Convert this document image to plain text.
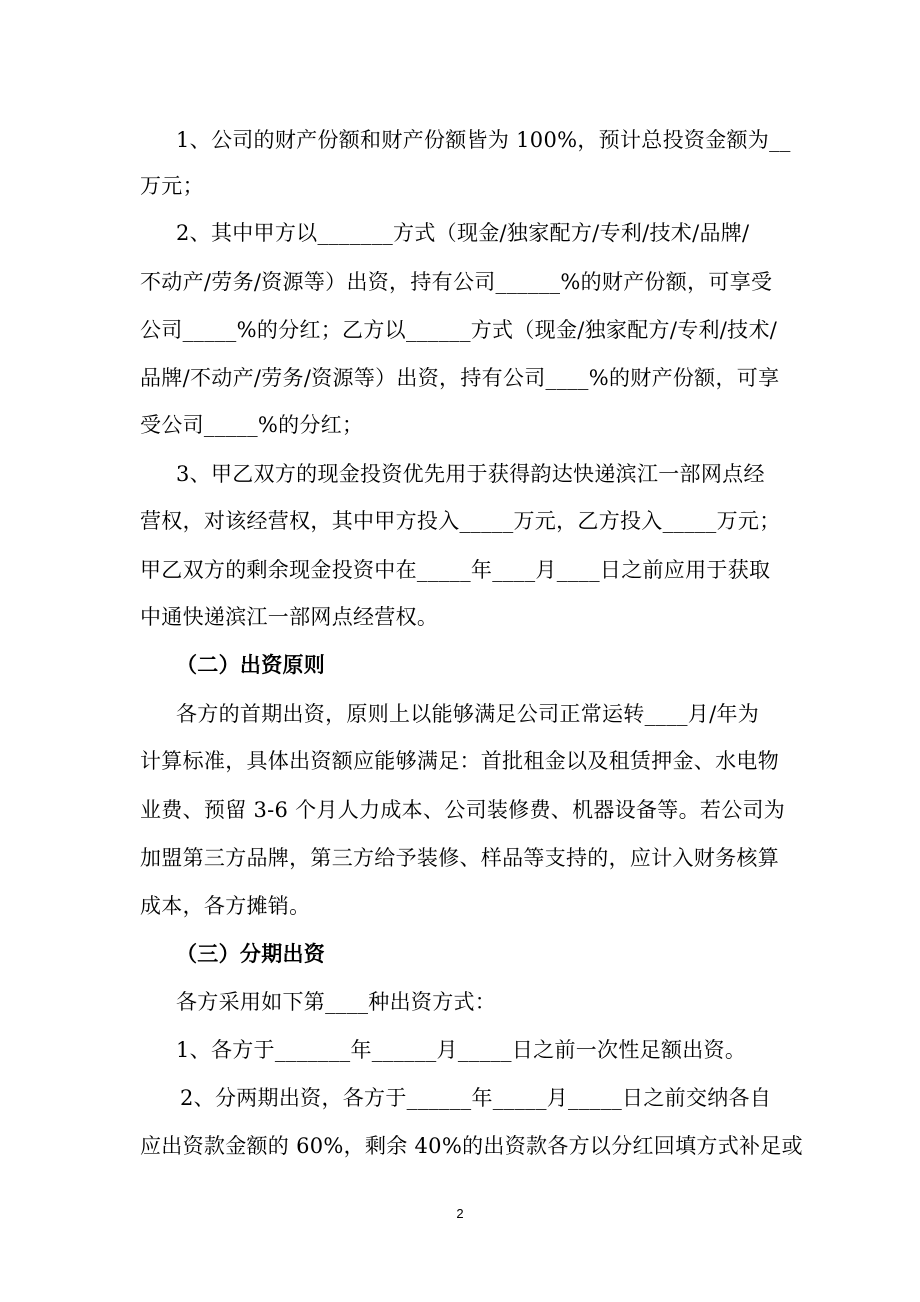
1、公司的财产份额和财产份额皆为 100%，预计总投资金额为__
万元；
2、其中甲方以_______方式（现金/独家配方/专利/技术/品牌/
不动产/劳务/资源等）出资，持有公司______%的财产份额，可享受
公司_____%的分红；乙方以______方式（现金/独家配方/专利/技术/
品牌/不动产/劳务/资源等）出资，持有公司____%的财产份额，可享
受公司_____%的分红；
3、甲乙双方的现金投资优先用于获得韵达快递滨江一部网点经
营权，对该经营权，其中甲方投入_____万元，乙方投入_____万元；
甲乙双方的剩余现金投资中在_____年____月____日之前应用于获取
中通快递滨江一部网点经营权。
（二）出资原则
各方的首期出资，原则上以能够满足公司正常运转____月/年为
计算标准，具体出资额应能够满足：首批租金以及租赁押金、水电物
业费、预留 3-6 个月人力成本、公司装修费、机器设备等。若公司为
加盟第三方品牌，第三方给予装修、样品等支持的，应计入财务核算
成本，各方摊销。
（三）分期出资
各方采用如下第____种出资方式：
1、各方于_______年______月_____日之前一次性足额出资。
2、分两期出资，各方于______年_____月_____日之前交纳各自
应出资款金额的 60%，剩余 40%的出资款各方以分红回填方式补足或
2
